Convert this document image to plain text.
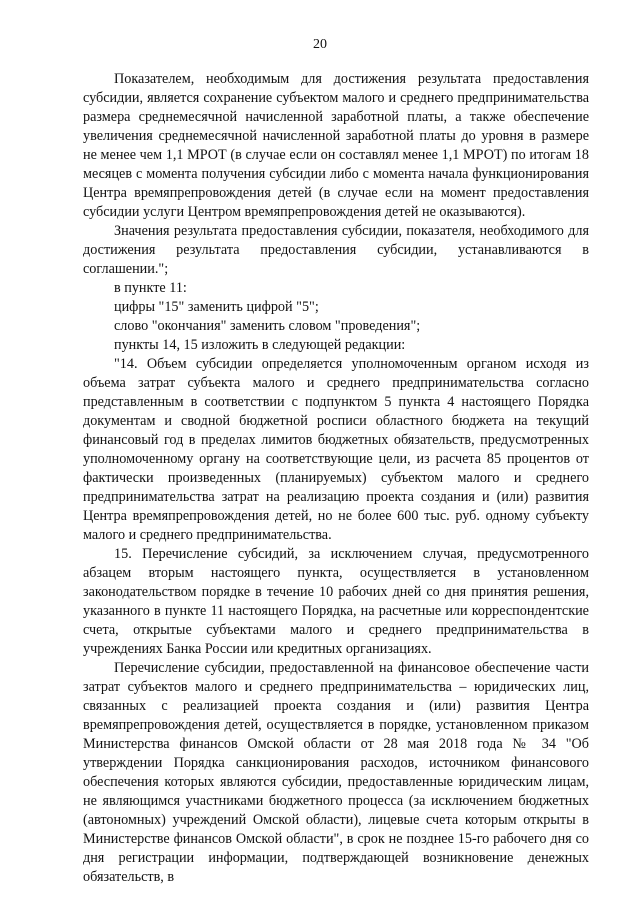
20

Показателем, необходимым для достижения результата предоставления субсидии, является сохранение субъектом малого и среднего предпринимательства размера среднемесячной начисленной заработной платы, а также обеспечение увеличения среднемесячной начисленной заработной платы до уровня в размере не менее чем 1,1 МРОТ (в случае если он составлял менее 1,1 МРОТ) по итогам 18 месяцев с момента получения субсидии либо с момента начала функционирования Центра времяпрепровождения детей (в случае если на момент предоставления субсидии услуги Центром времяпрепровождения детей не оказываются).

Значения результата предоставления субсидии, показателя, необходимого для достижения результата предоставления субсидии, устанавливаются в соглашении.";

в пункте 11:

цифры "15" заменить цифрой "5";

слово "окончания" заменить словом "проведения";

пункты 14, 15 изложить в следующей редакции:

"14. Объем субсидии определяется уполномоченным органом исходя из объема затрат субъекта малого и среднего предпринимательства согласно представленным в соответствии с подпунктом 5 пункта 4 настоящего Порядка документам и сводной бюджетной росписи областного бюджета на текущий финансовый год в пределах лимитов бюджетных обязательств, предусмотренных уполномоченному органу на соответствующие цели, из расчета 85 процентов от фактически произведенных (планируемых) субъектом малого и среднего предпринимательства затрат на реализацию проекта создания и (или) развития Центра времяпрепровождения детей, но не более 600 тыс. руб. одному субъекту малого и среднего предпринимательства.

15. Перечисление субсидий, за исключением случая, предусмотренного абзацем вторым настоящего пункта, осуществляется в установленном законодательством порядке в течение 10 рабочих дней со дня принятия решения, указанного в пункте 11 настоящего Порядка, на расчетные или корреспондентские счета, открытые субъектами малого и среднего предпринимательства в учреждениях Банка России или кредитных организациях.

Перечисление субсидии, предоставленной на финансовое обеспечение части затрат субъектов малого и среднего предпринимательства – юридических лиц, связанных с реализацией проекта создания и (или) развития Центра времяпрепровождения детей, осуществляется в порядке, установленном приказом Министерства финансов Омской области от 28 мая 2018 года № 34 "Об утверждении Порядка санкционирования расходов, источником финансового обеспечения которых являются субсидии, предоставленные юридическим лицам, не являющимся участниками бюджетного процесса (за исключением бюджетных (автономных) учреждений Омской области), лицевые счета которым открыты в Министерстве финансов Омской области", в срок не позднее 15-го рабочего дня со дня регистрации информации, подтверждающей возникновение денежных обязательств, в
